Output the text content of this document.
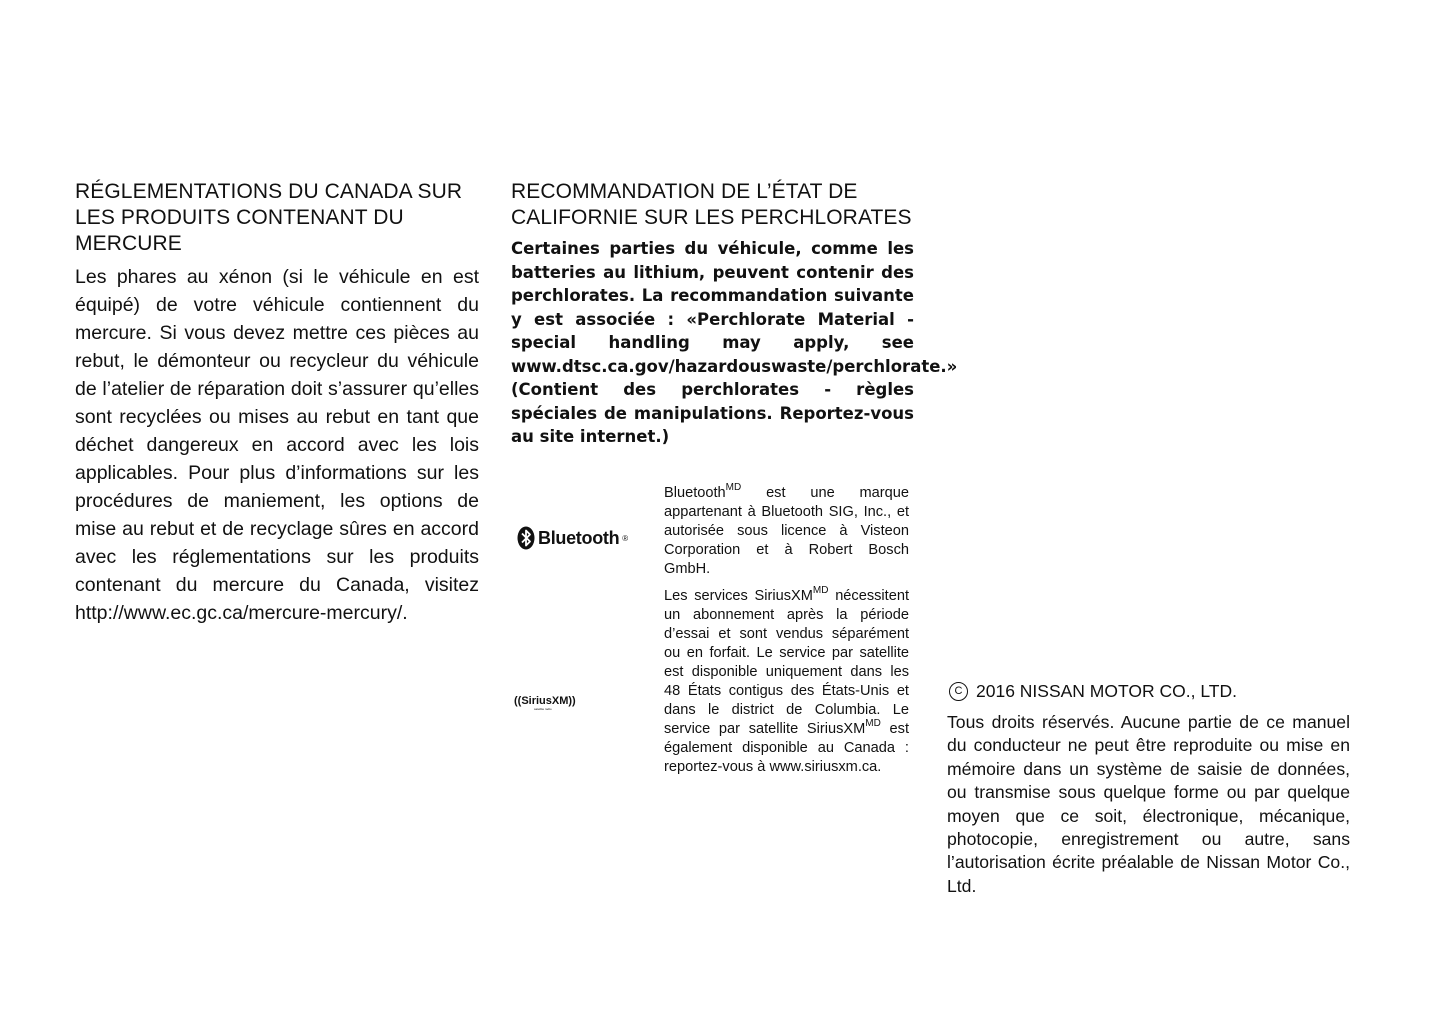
RÉGLEMENTATIONS DU CANADA SUR LES PRODUITS CONTENANT DU MERCURE

Les phares au xénon (si le véhicule en est équipé) de votre véhicule contiennent du mercure. Si vous devez mettre ces pièces au rebut, le démonteur ou recycleur du véhicule de l’atelier de réparation doit s’assurer qu’elles sont recyclées ou mises au rebut en tant que déchet dangereux en accord avec les lois applicables. Pour plus d’informations sur les procédures de maniement, les options de mise au rebut et de recyclage sûres en accord avec les réglementations sur les produits contenant du mercure du Canada, visitez http://www.ec.gc.ca/mercure-mercury/.

RECOMMANDATION DE L’ÉTAT DE CALIFORNIE SUR LES PERCHLORATES

Certaines parties du véhicule, comme les batteries au lithium, peuvent contenir des perchlorates. La recommandation suivante y est associée : «Perchlorate Material - special handling may apply, see www.dtsc.ca.gov/hazardouswaste/perchlorate.» (Contient des perchlorates - règles spéciales de manipulations. Reportez-vous au site internet.)

Bluetooth ®

Bluetooth$^{MD}$ est une marque appartenant à Bluetooth SIG, Inc., et autorisée sous licence à Visteon Corporation et à Robert Bosch GmbH.

((SiriusXM))
satellite radio

Les services SiriusXM$^{MD}$ nécessitent un abonnement après la période d’essai et sont vendus séparément ou en forfait. Le service par satellite est disponible uniquement dans les 48 États contigus des États-Unis et dans le district de Columbia. Le service par satellite SiriusXM$^{MD}$ est également disponible au Canada : reportez-vous à www.siriusxm.ca.

C 2016 NISSAN MOTOR CO., LTD.

Tous droits réservés. Aucune partie de ce manuel du conducteur ne peut être reproduite ou mise en mémoire dans un système de saisie de données, ou transmise sous quelque forme ou par quelque moyen que ce soit, électronique, mécanique, photocopie, enregistrement ou autre, sans l’autorisation écrite préalable de Nissan Motor Co., Ltd.
